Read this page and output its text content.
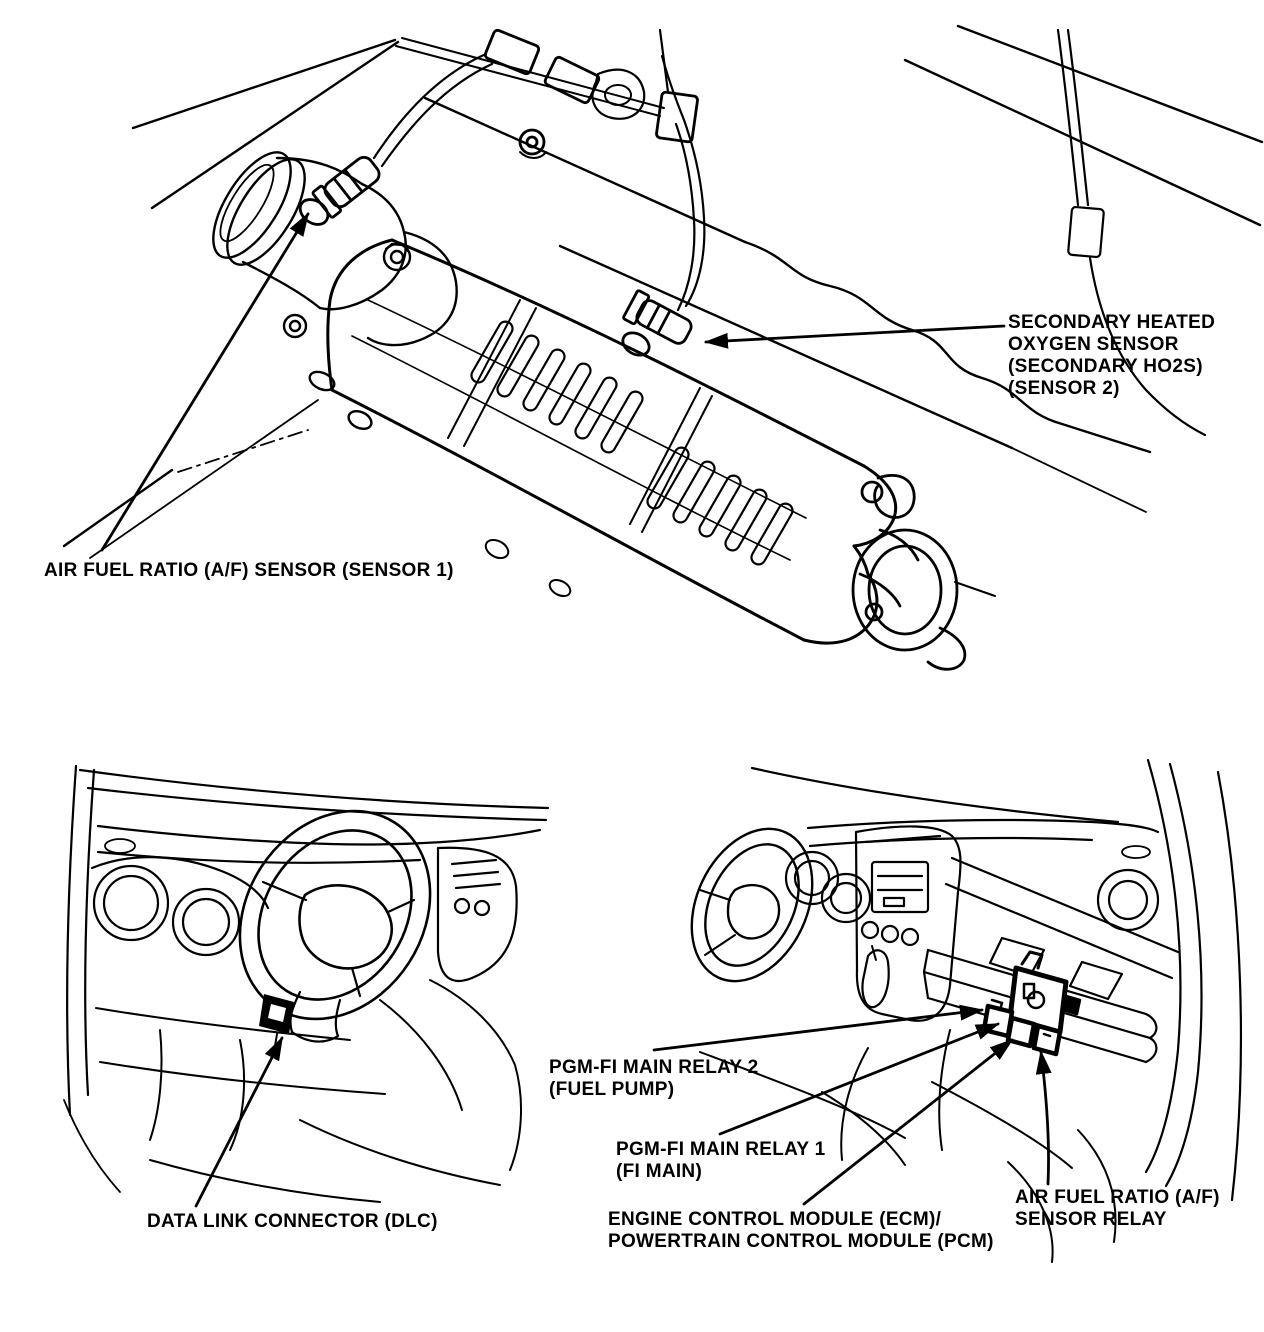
SECONDARY HEATED
OXYGEN SENSOR
(SECONDARY HO2S)
(SENSOR 2)
AIR FUEL RATIO (A/F) SENSOR (SENSOR 1)
DATA LINK CONNECTOR (DLC)
PGM-FI MAIN RELAY 2
(FUEL PUMP)
PGM-FI MAIN RELAY 1
(FI MAIN)
ENGINE CONTROL MODULE (ECM)/
POWERTRAIN CONTROL MODULE (PCM)
AIR FUEL RATIO (A/F)
SENSOR RELAY
